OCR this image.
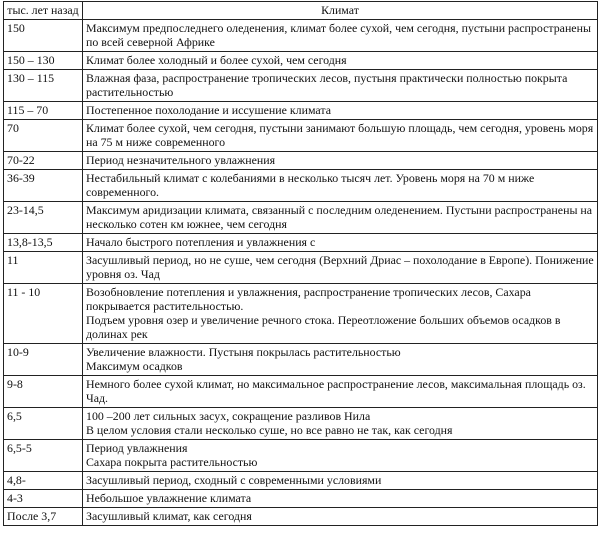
тыс. лет назад	Климат
150	Максимум предпоследнего оледенения, климат более сухой, чем сегодня, пустыни распространены по всей северной Африке

150 – 130	Климат более холодный и более сухой, чем сегодня

130 – 115	Влажная фаза, распространение тропических лесов, пустыня практически полностью покрыта растительностью

115 – 70	Постепенное похолодание и иссушение климата

70	Климат более сухой, чем сегодня, пустыни занимают большую площадь, чем сегодня, уровень моря на 75 м ниже современного

70-22	Период незначительного увлажнения

36-39	Нестабильный климат с колебаниями в несколько тысяч лет. Уровень моря на 70 м ниже современного.

23-14,5	Максимум аридизации климата, связанный с последним оледенением. Пустыни распространены на несколько сотен км южнее, чем сегодня

13,8-13,5	Начало быстрого потепления и увлажнения с

11	Засушливый период, но не суше, чем сегодня (Верхний Дриас – похолодание в Европе). Понижение уровня оз. Чад

11 - 10	Возобновление потепления и увлажнения, распространение тропических лесов, Сахара покрывается растительностью.
Подъем уровня озер и увеличение речного стока. Переотложение больших объемов осадков в долинах рек

10-9	Увеличение влажности. Пустыня покрылась растительностью
Максимум осадков

9-8	Немного более сухой климат, но максимальное распространение лесов, максимальная площадь оз. Чад.

6,5	100 –200 лет сильных засух, сокращение разливов Нила
В целом условия стали несколько суше, но все равно не так, как сегодня

6,5-5	Период увлажнения
Сахара покрыта растительностью

4,8-	Засушливый период, сходный с современными условиями

4-3	Небольшое увлажнение климата

После 3,7	Засушливый климат, как сегодня
